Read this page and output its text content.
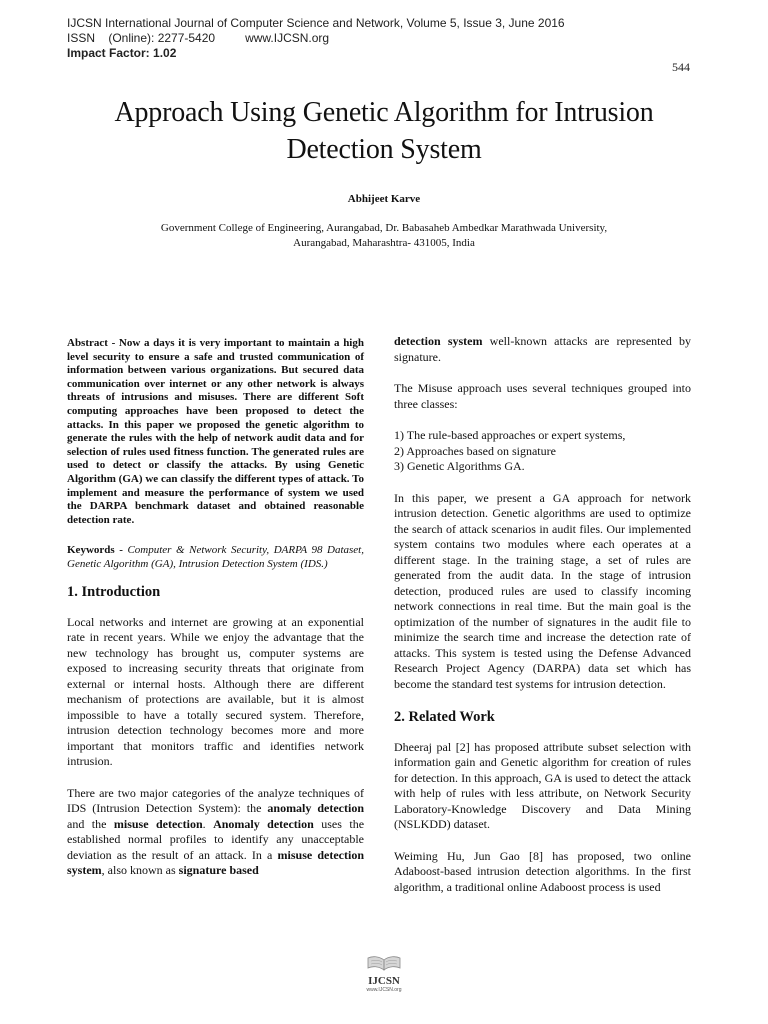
IJCSN International Journal of Computer Science and Network, Volume 5, Issue 3, June 2016
ISSN    (Online): 2277-5420         www.IJCSN.org
Impact Factor: 1.02
544
Approach Using Genetic Algorithm for Intrusion
Detection System
Abhijeet Karve
Government College of Engineering, Aurangabad, Dr. Babasaheb Ambedkar Marathwada University,
Aurangabad, Maharashtra- 431005, India

Abstract - Now a days it is very important to maintain a high level security to ensure a safe and trusted communication of information between various organizations. But secured data communication over internet or any other network is always threats of intrusions and misuses. There are different Soft computing approaches have been proposed to detect the attacks. In this paper we proposed the genetic algorithm to generate the rules with the help of network audit data and for selection of rules used fitness function. The generated rules are used to detect or classify the attacks. By using Genetic Algorithm (GA) we can classify the different types of attack. To implement and measure the performance of system we used the DARPA benchmark dataset and obtained reasonable detection rate.

Keywords - Computer & Network Security, DARPA 98 Dataset, Genetic Algorithm (GA), Intrusion Detection System (IDS.)

1. Introduction

Local networks and internet are growing at an exponential rate in recent years. While we enjoy the advantage that the new technology has brought us, computer systems are exposed to increasing security threats that originate from external or internal hosts. Although there are different mechanism of protections are available, but it is almost impossible to have a totally secured system. Therefore, intrusion detection technology becomes more and more important that monitors traffic and identifies network intrusion.

There are two major categories of the analyze techniques of IDS (Intrusion Detection System): the anomaly detection and the misuse detection. Anomaly detection uses the established normal profiles to identify any unacceptable deviation as the result of an attack. In a misuse detection system, also known as signature based

detection system well-known attacks are represented by signature.

The Misuse approach uses several techniques grouped into three classes:

1) The rule-based approaches or expert systems,

2) Approaches based on signature

3) Genetic Algorithms GA.

In this paper, we present a GA approach for network intrusion detection. Genetic algorithms are used to optimize the search of attack scenarios in audit files. Our implemented system contains two modules where each operates at a different stage. In the training stage, a set of rules are generated from the audit data. In the stage of intrusion detection, produced rules are used to classify incoming network connections in real time. But the main goal is the optimization of the number of signatures in the audit file to minimize the search time and increase the detection rate of attacks. This system is tested using the Defense Advanced Research Project Agency (DARPA) data set which has become the standard test systems for intrusion detection.

2. Related Work

Dheeraj pal [2] has proposed attribute subset selection with information gain and Genetic algorithm for creation of rules for detection. In this approach, GA is used to detect the attack with help of rules with less attribute, on Network Security Laboratory-Knowledge Discovery and Data Mining (NSLKDD) dataset.

Weiming Hu, Jun Gao [8] has proposed, two online Adaboost-based intrusion detection algorithms. In the first algorithm, a traditional online Adaboost process is used

IJCSN
www.IJCSN.org
